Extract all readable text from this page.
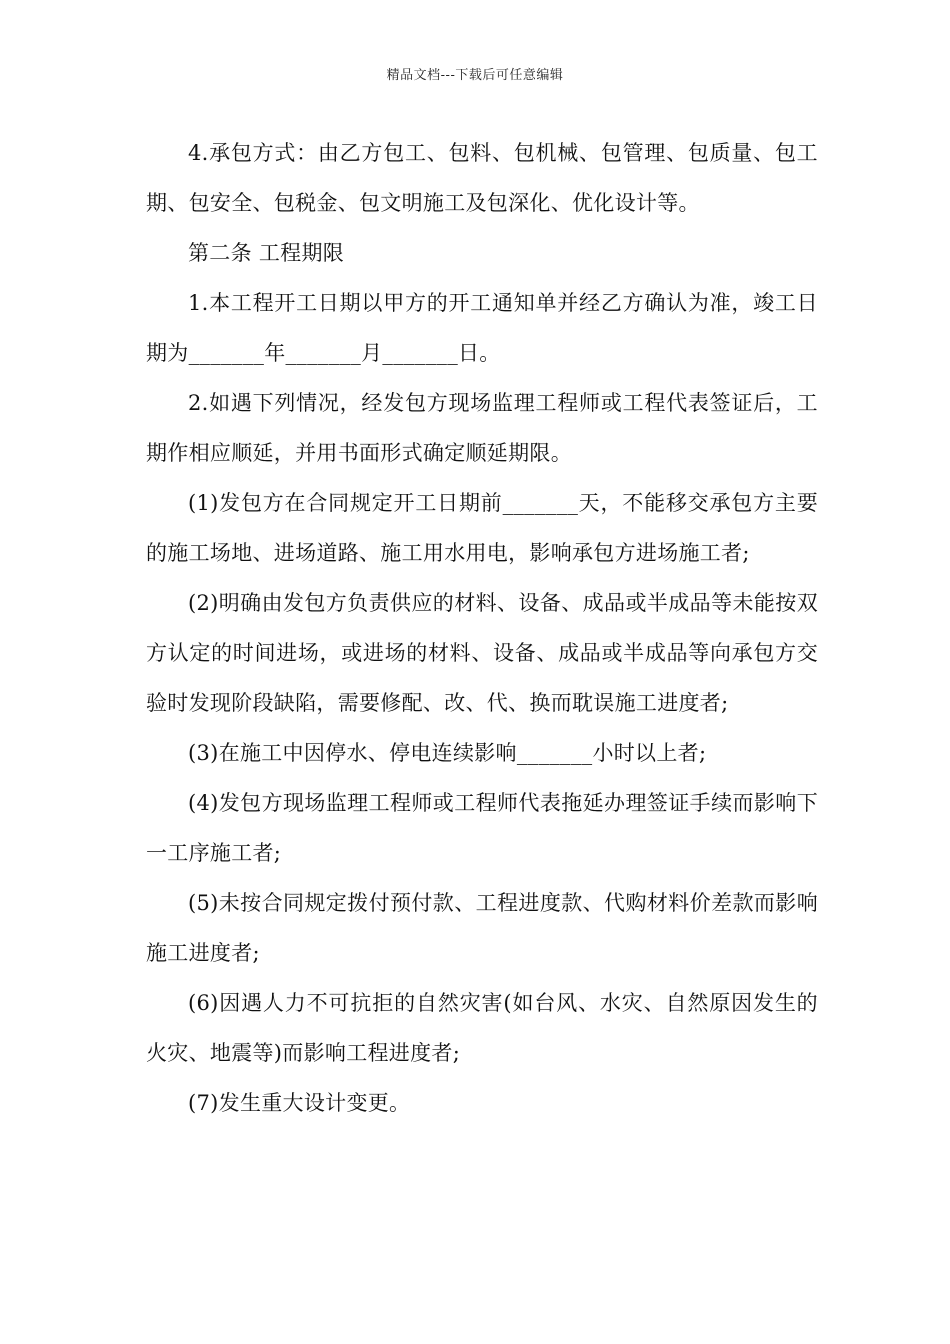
精品文档---下载后可任意编辑

4.承包方式：由乙方包工、包料、包机械、包管理、包质量、包工期、包安全、包税金、包文明施工及包深化、优化设计等。

第二条 工程期限

1.本工程开工日期以甲方的开工通知单并经乙方确认为准，竣工日期为_______年_______月_______日。

2.如遇下列情况，经发包方现场监理工程师或工程代表签证后，工期作相应顺延，并用书面形式确定顺延期限。

(1)发包方在合同规定开工日期前_______天，不能移交承包方主要的施工场地、进场道路、施工用水用电，影响承包方进场施工者;

(2)明确由发包方负责供应的材料、设备、成品或半成品等未能按双方认定的时间进场，或进场的材料、设备、成品或半成品等向承包方交验时发现阶段缺陷，需要修配、改、代、换而耽误施工进度者;

(3)在施工中因停水、停电连续影响_______小时以上者;

(4)发包方现场监理工程师或工程师代表拖延办理签证手续而影响下一工序施工者;

(5)未按合同规定拨付预付款、工程进度款、代购材料价差款而影响施工进度者;

(6)因遇人力不可抗拒的自然灾害(如台风、水灾、自然原因发生的火灾、地震等)而影响工程进度者;

(7)发生重大设计变更。
